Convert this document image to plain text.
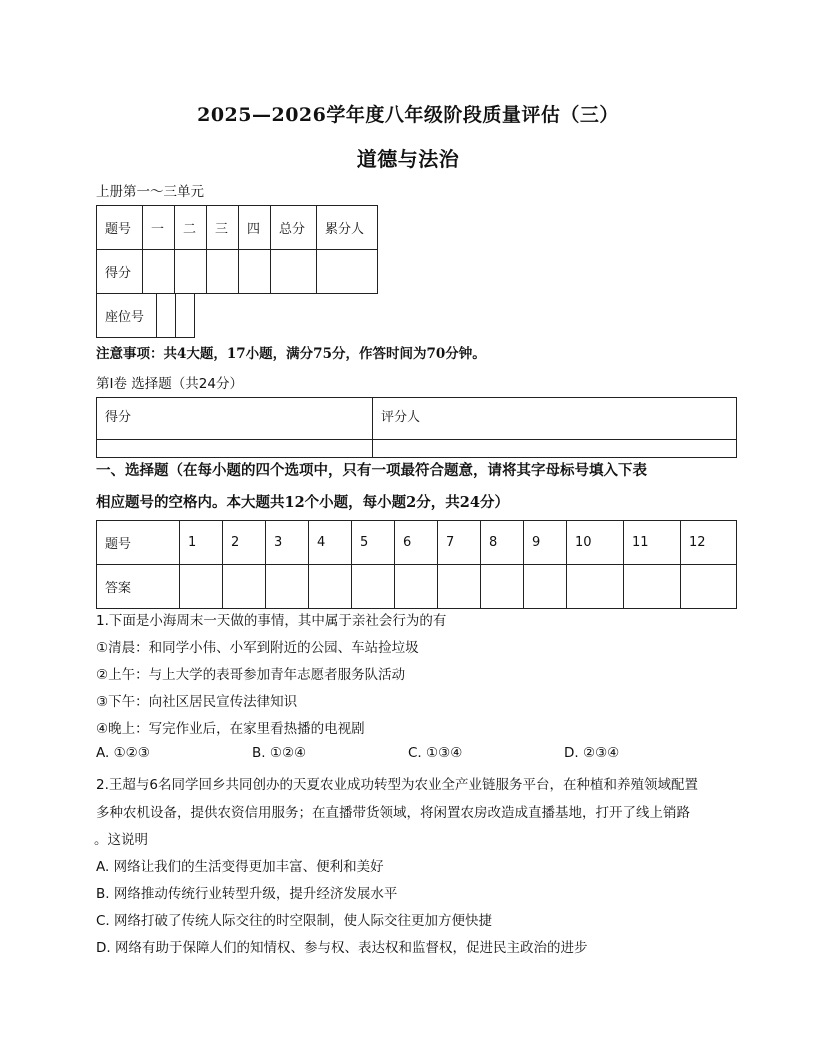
2025—2026学年度八年级阶段质量评估（三）
道德与法治
上册第一～三单元
题号	一	二	三	四	总分	累分人
得分						
座位号		
注意事项：共4大题，17小题，满分75分，作答时间为70分钟。
第Ⅰ卷 选择题（共24分）
得分	评分人

一、选择题（在每小题的四个选项中，只有一项最符合题意，请将其字母标号填入下表
相应题号的空格内。本大题共12个小题，每小题2分，共24分）
题号	1	2	3	4	5	6	7	8	9	10	11	12
答案												
1.下面是小海周末一天做的事情，其中属于亲社会行为的有
①清晨：和同学小伟、小军到附近的公园、车站捡垃圾
②上午：与上大学的表哥参加青年志愿者服务队活动
③下午：向社区居民宣传法律知识
④晚上：写完作业后，在家里看热播的电视剧
A. ①②③	B. ①②④	C. ①③④	D. ②③④
2.王超与6名同学回乡共同创办的天夏农业成功转型为农业全产业链服务平台，在种植和养殖领域配置
多种农机设备，提供农资信用服务；在直播带货领域，将闲置农房改造成直播基地，打开了线上销路
。这说明
A. 网络让我们的生活变得更加丰富、便利和美好
B. 网络推动传统行业转型升级，提升经济发展水平
C. 网络打破了传统人际交往的时空限制，使人际交往更加方便快捷
D. 网络有助于保障人们的知情权、参与权、表达权和监督权，促进民主政治的进步
